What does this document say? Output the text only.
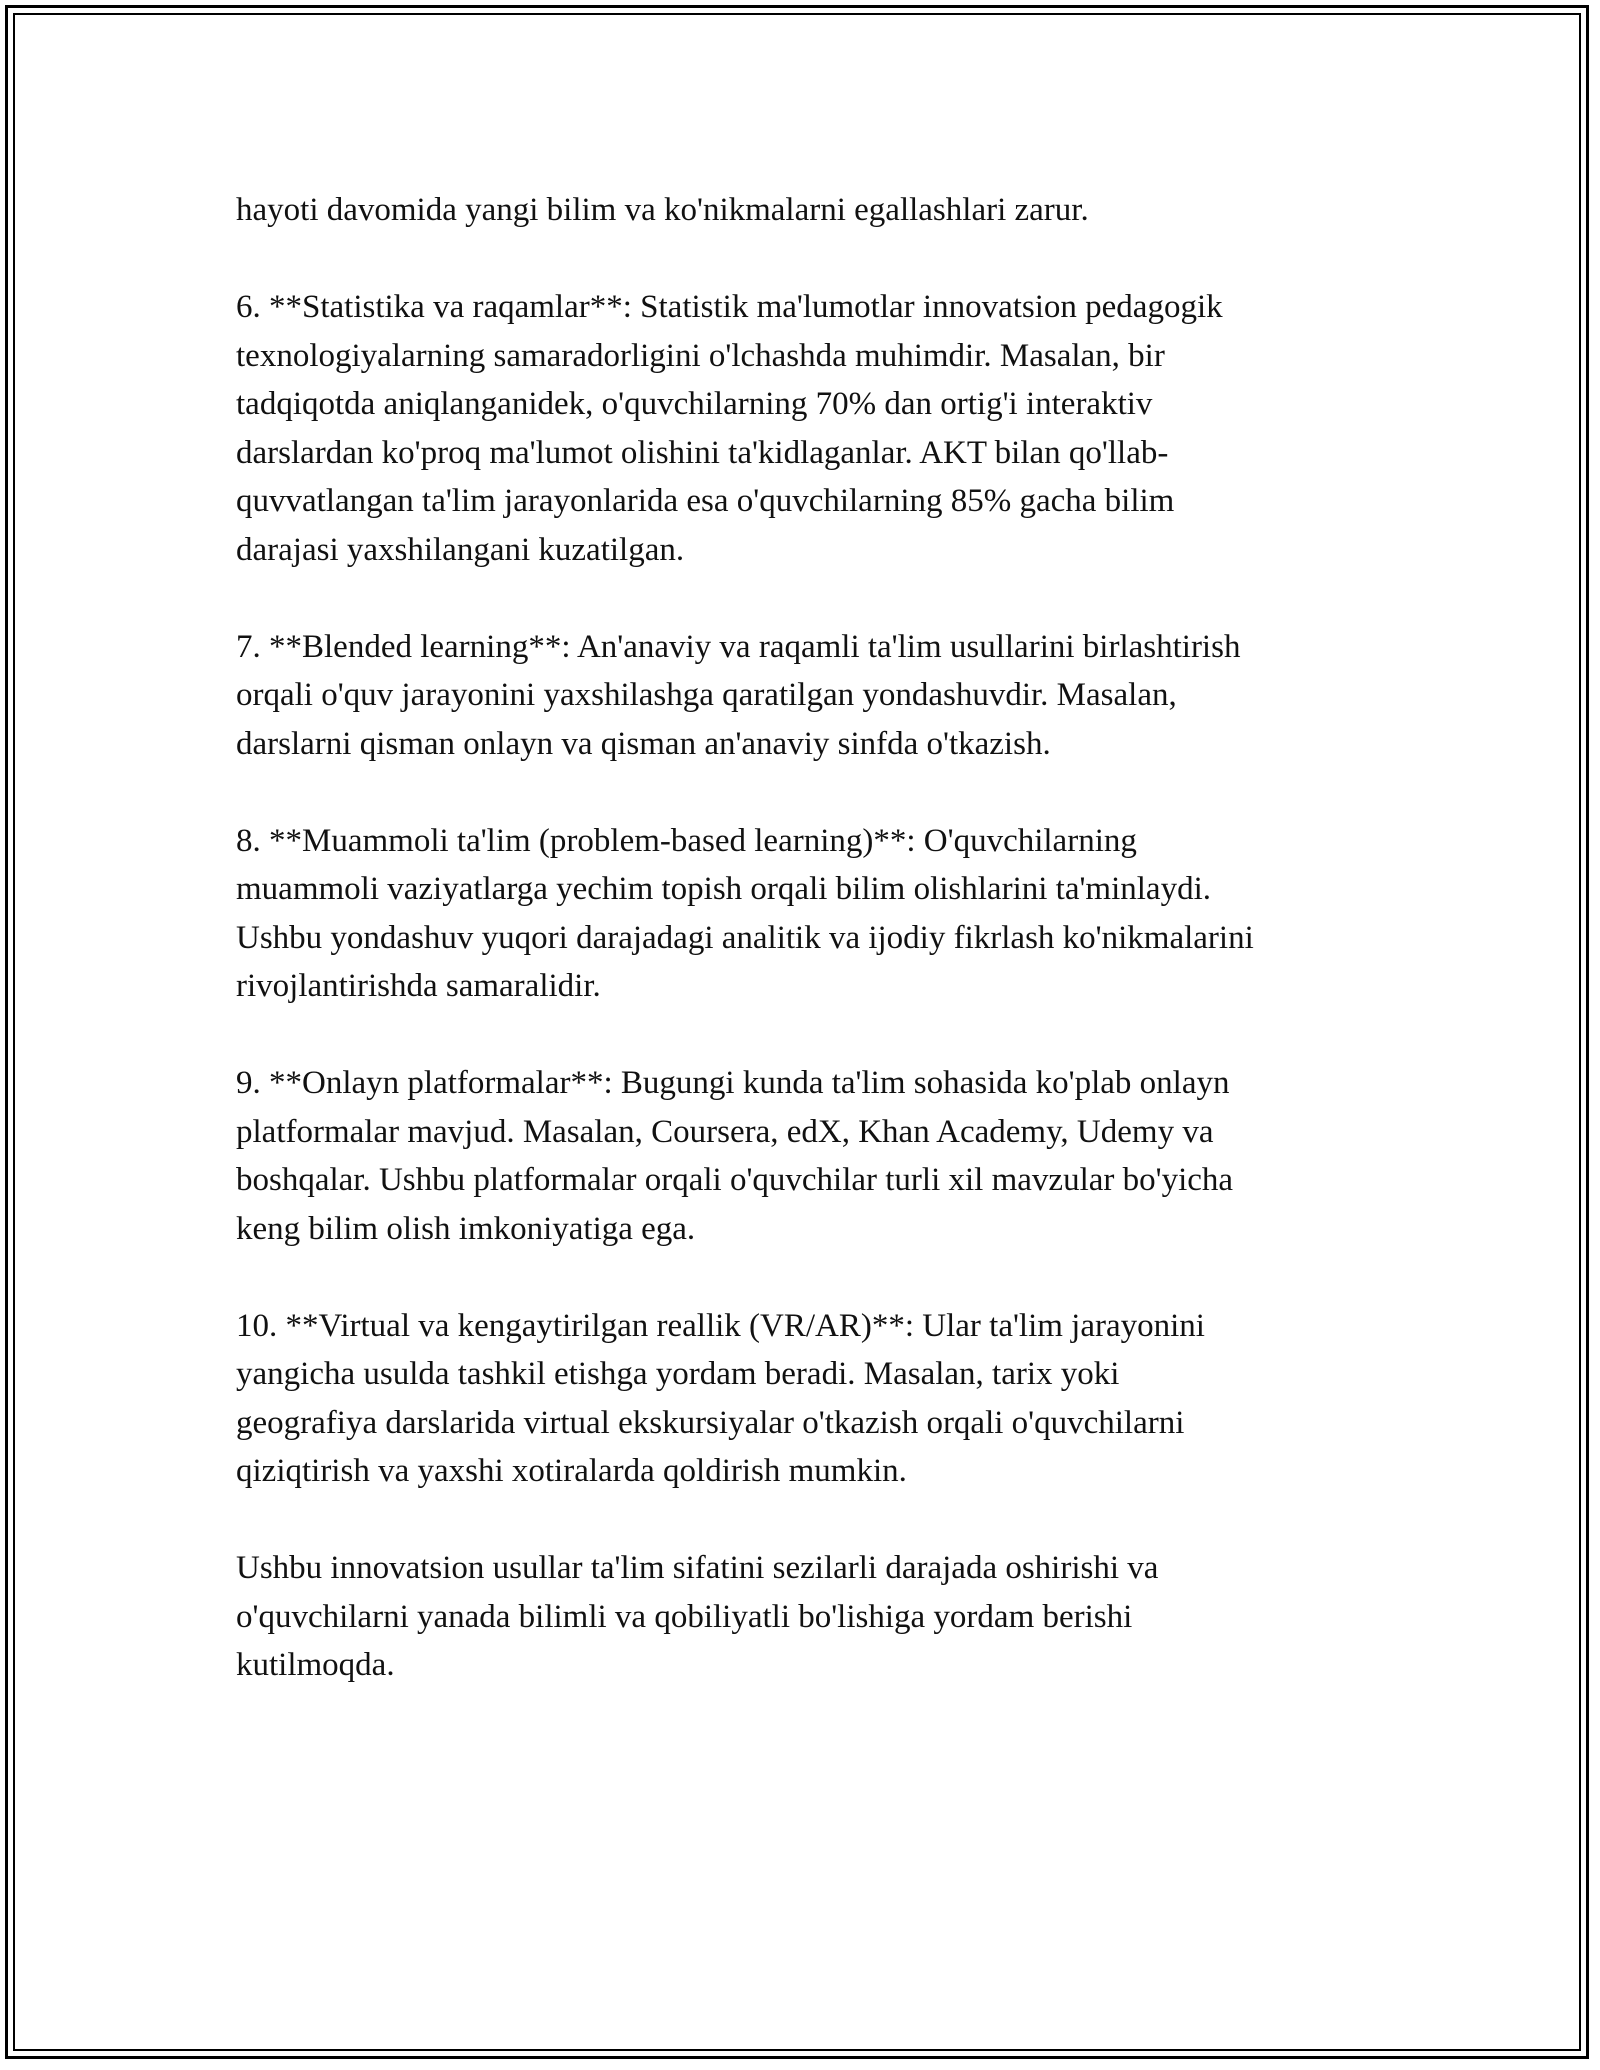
hayoti davomida yangi bilim va ko'nikmalarni egallashlari zarur.
6. **Statistika va raqamlar**: Statistik ma'lumotlar innovatsion pedagogik
texnologiyalarning samaradorligini o'lchashda muhimdir. Masalan, bir
tadqiqotda aniqlanganidek, o'quvchilarning 70% dan ortig'i interaktiv
darslardan ko'proq ma'lumot olishini ta'kidlaganlar. AKT bilan qo'llab-
quvvatlangan ta'lim jarayonlarida esa o'quvchilarning 85% gacha bilim
darajasi yaxshilangani kuzatilgan.
7. **Blended learning**: An'anaviy va raqamli ta'lim usullarini birlashtirish
orqali o'quv jarayonini yaxshilashga qaratilgan yondashuvdir. Masalan,
darslarni qisman onlayn va qisman an'anaviy sinfda o'tkazish.
8. **Muammoli ta'lim (problem-based learning)**: O'quvchilarning
muammoli vaziyatlarga yechim topish orqali bilim olishlarini ta'minlaydi.
Ushbu yondashuv yuqori darajadagi analitik va ijodiy fikrlash ko'nikmalarini
rivojlantirishda samaralidir.
9. **Onlayn platformalar**: Bugungi kunda ta'lim sohasida ko'plab onlayn
platformalar mavjud. Masalan, Coursera, edX, Khan Academy, Udemy va
boshqalar. Ushbu platformalar orqali o'quvchilar turli xil mavzular bo'yicha
keng bilim olish imkoniyatiga ega.
10. **Virtual va kengaytirilgan reallik (VR/AR)**: Ular ta'lim jarayonini
yangicha usulda tashkil etishga yordam beradi. Masalan, tarix yoki
geografiya darslarida virtual ekskursiyalar o'tkazish orqali o'quvchilarni
qiziqtirish va yaxshi xotiralarda qoldirish mumkin.
Ushbu innovatsion usullar ta'lim sifatini sezilarli darajada oshirishi va
o'quvchilarni yanada bilimli va qobiliyatli bo'lishiga yordam berishi
kutilmoqda.
